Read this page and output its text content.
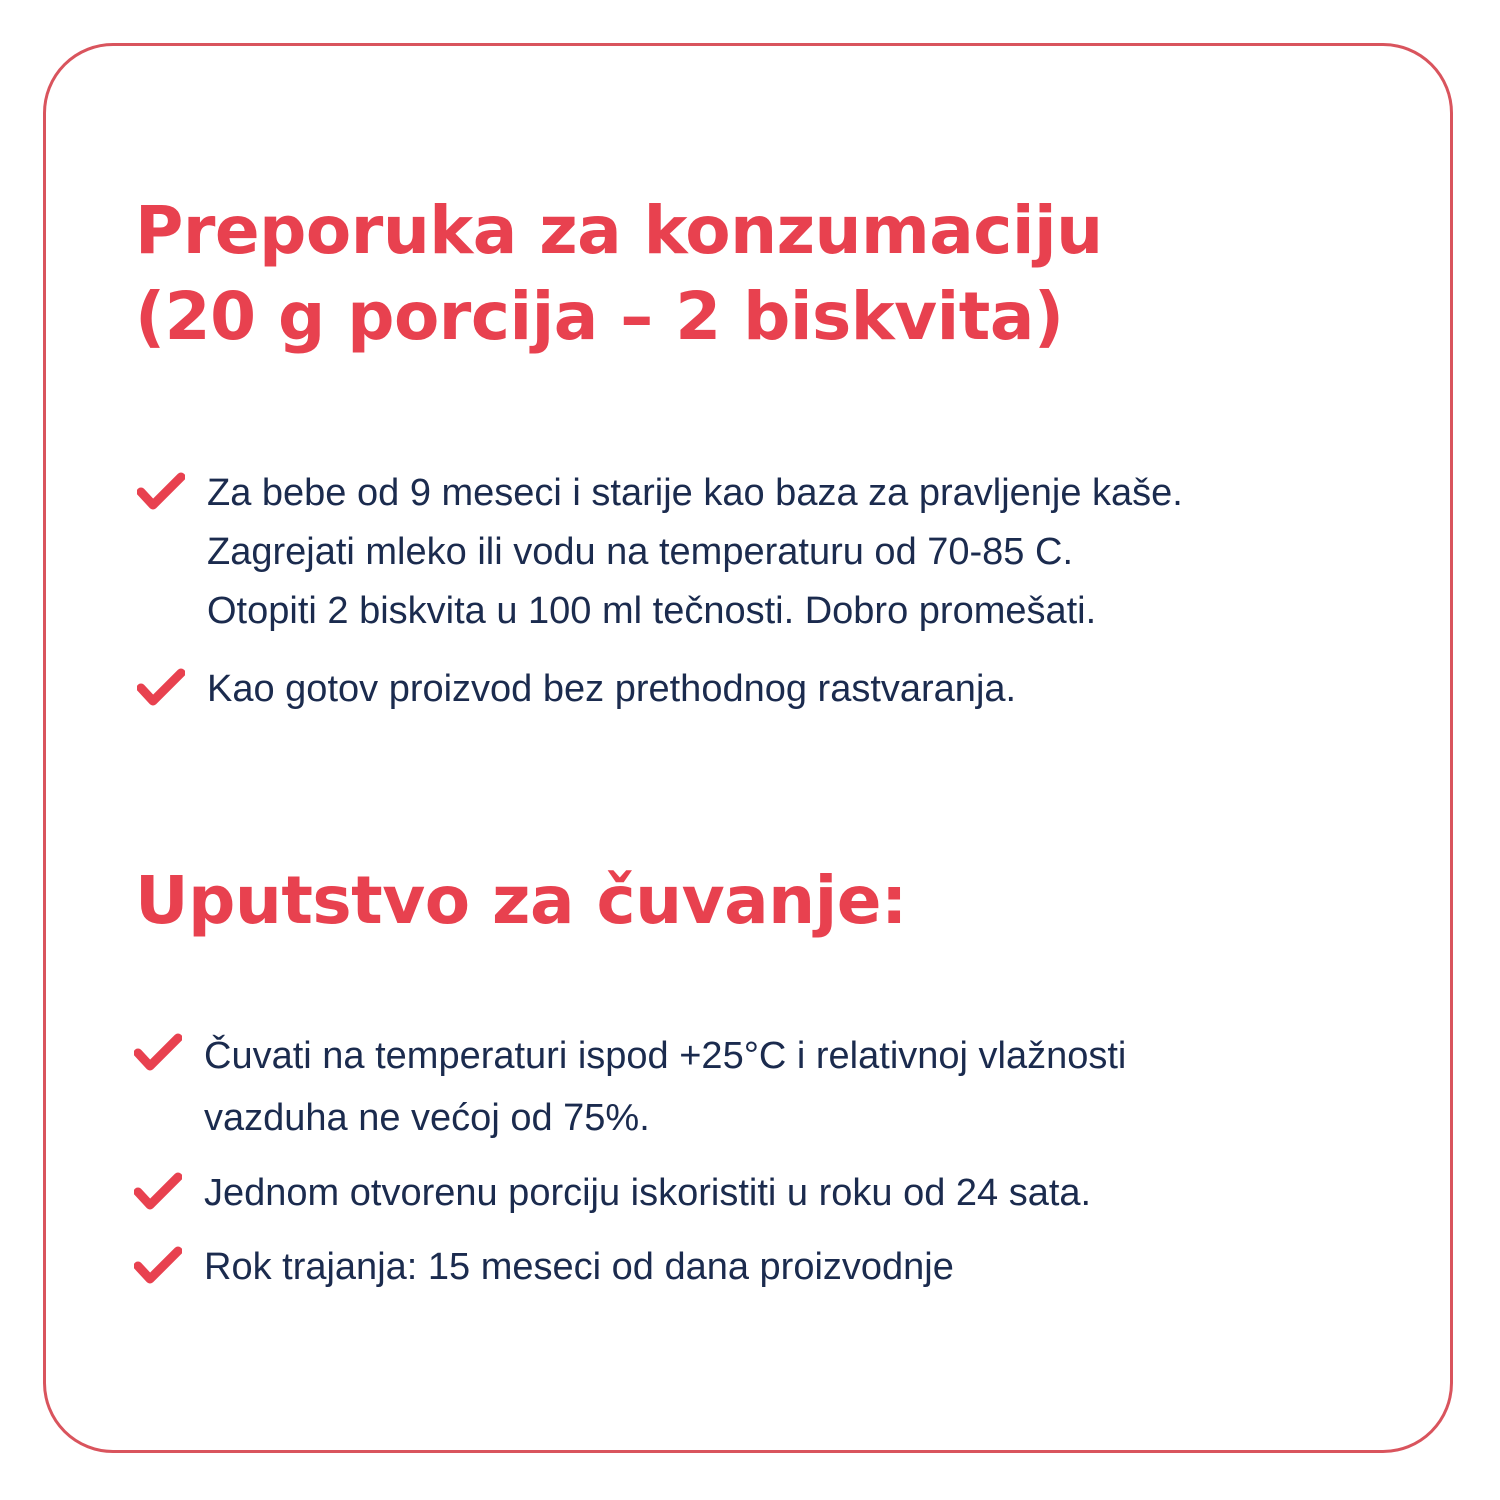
Preporuka za konzumaciju
(20 g porcija – 2 biskvita)
Za bebe od 9 meseci i starije kao baza za pravljenje kaše.
Zagrejati mleko ili vodu na temperaturu od 70-85 C.
Otopiti 2 biskvita u 100 ml tečnosti. Dobro promešati.
Kao gotov proizvod bez prethodnog rastvaranja.
Uputstvo za čuvanje:
Čuvati na temperaturi ispod +25°C i relativnoj vlažnosti
vazduha ne većoj od 75%.
Jednom otvorenu porciju iskoristiti u roku od 24 sata.
Rok trajanja: 15 meseci od dana proizvodnje
